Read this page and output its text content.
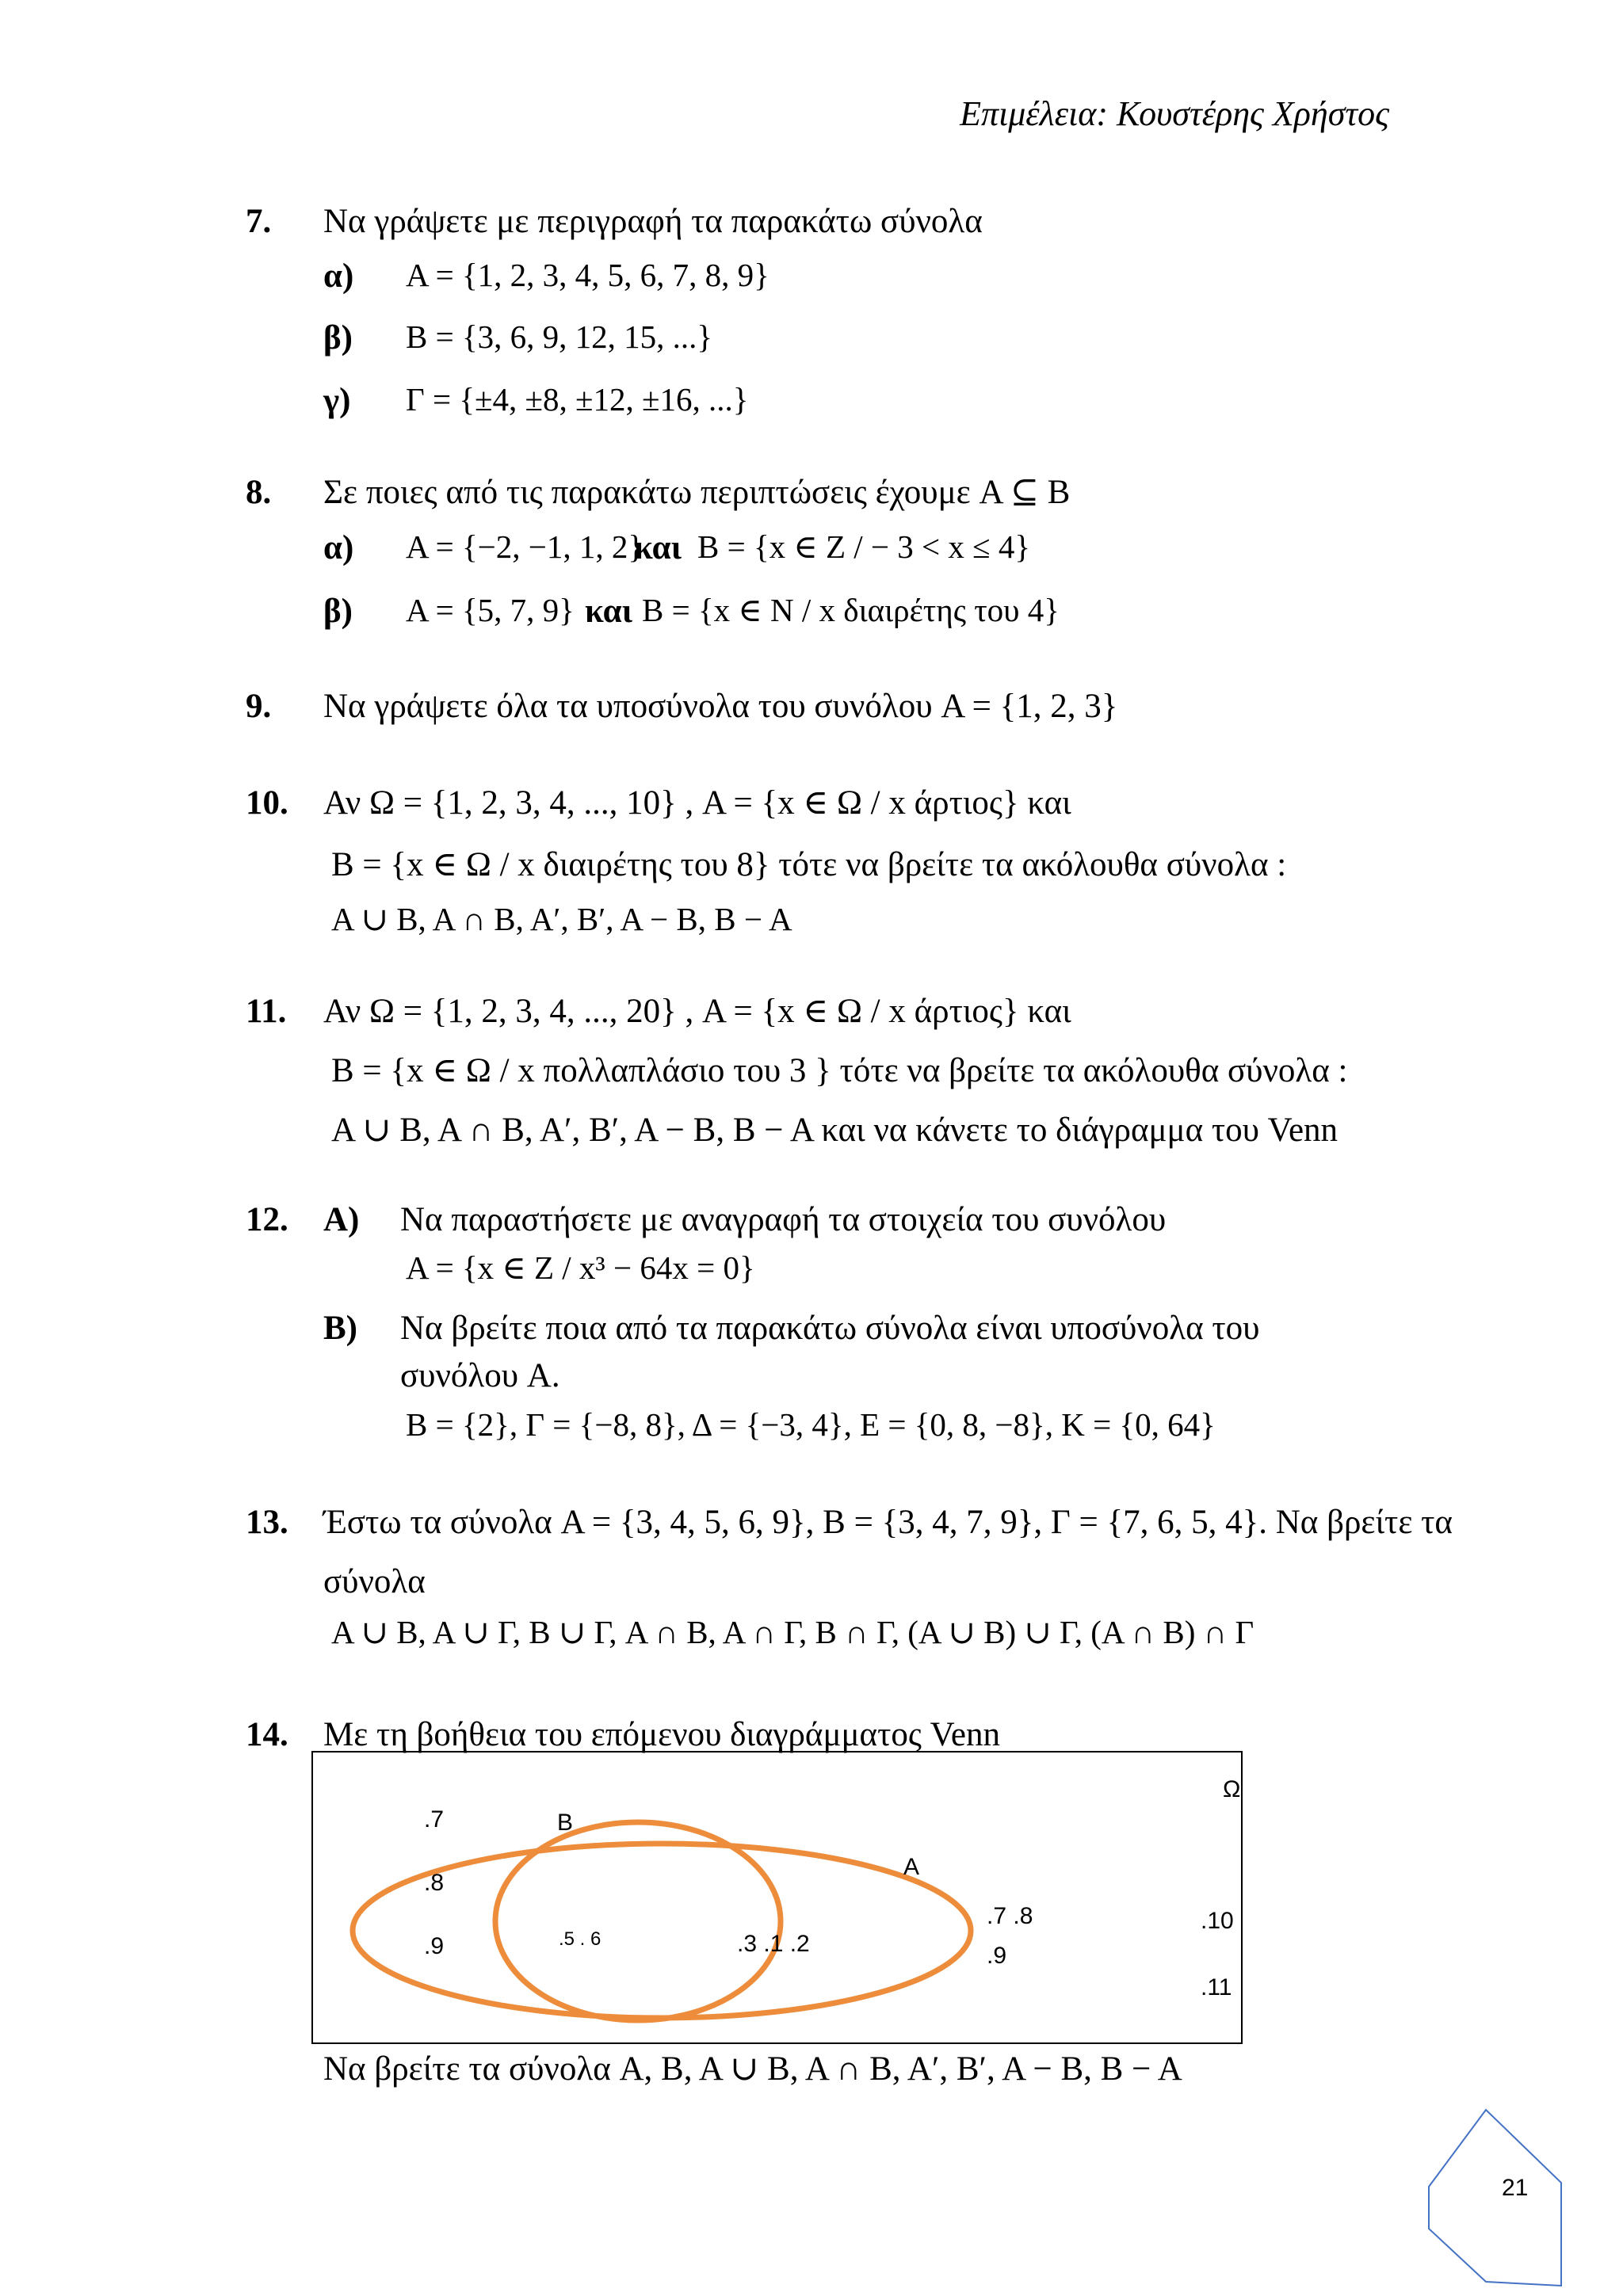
Επιμέλεια: Κουστέρης Χρήστος
7. Να γράψετε με περιγραφή τα παρακάτω σύνολα
α) A = {1, 2, 3, 4, 5, 6, 7, 8, 9}
β) B = {3, 6, 9, 12, 15, ...}
γ) Γ = {±4, ±8, ±12, ±16, ...}
8. Σε ποιες από τις παρακάτω περιπτώσεις έχουμε A ⊆ B
α) A = {−2, −1, 1, 2}
και B = {x ∈ Z / − 3 < x ≤ 4}
β) A = {5, 7, 9} και B = {x ∈ N / x διαιρέτης του 4}
9. Να γράψετε όλα τα υποσύνολα του συνόλου A = {1, 2, 3}
10. Αν Ω = {1, 2, 3, 4, ..., 10} , A = {x ∈ Ω / x άρτιος} και
B = {x ∈ Ω / x διαιρέτης του 8} τότε να βρείτε τα ακόλουθα σύνολα :
A ∪ B, A ∩ B, A′, B′, A − B, B − A
11. Αν Ω = {1, 2, 3, 4, ..., 20} , A = {x ∈ Ω / x άρτιος} και
B = {x ∈ Ω / x πολλαπλάσιο του 3 } τότε να βρείτε τα ακόλουθα σύνολα :
A ∪ B, A ∩ B, A′, B′, A − B, B − A και να κάνετε το διάγραμμα του Venn
12. A) Να παραστήσετε με αναγραφή τα στοιχεία του συνόλου
A = {x ∈ Z / x³ − 64x = 0}
B) Να βρείτε ποια από τα παρακάτω σύνολα είναι υποσύνολα του
συνόλου A.
B = {2}, Γ = {−8, 8}, Δ = {−3, 4}, E = {0, 8, −8}, K = {0, 64}
13. Έστω τα σύνολα A = {3, 4, 5, 6, 9}, B = {3, 4, 7, 9}, Γ = {7, 6, 5, 4}. Να βρείτε τα
σύνολα
A ∪ B, A ∪ Γ, B ∪ Γ, A ∩ B, A ∩ Γ, B ∩ Γ, (A ∪ B) ∪ Γ, (A ∩ B) ∩ Γ
14. Με τη βοήθεια του επόμενου διαγράμματος Venn
Ω
B
A
.7
.8
.9	.5 . 6	.3 .1 .2
.7 .8
.9
.10
.11
Να βρείτε τα σύνολα A, B, A ∪ B, A ∩ B, A′, B′, A − B, B − A
21
